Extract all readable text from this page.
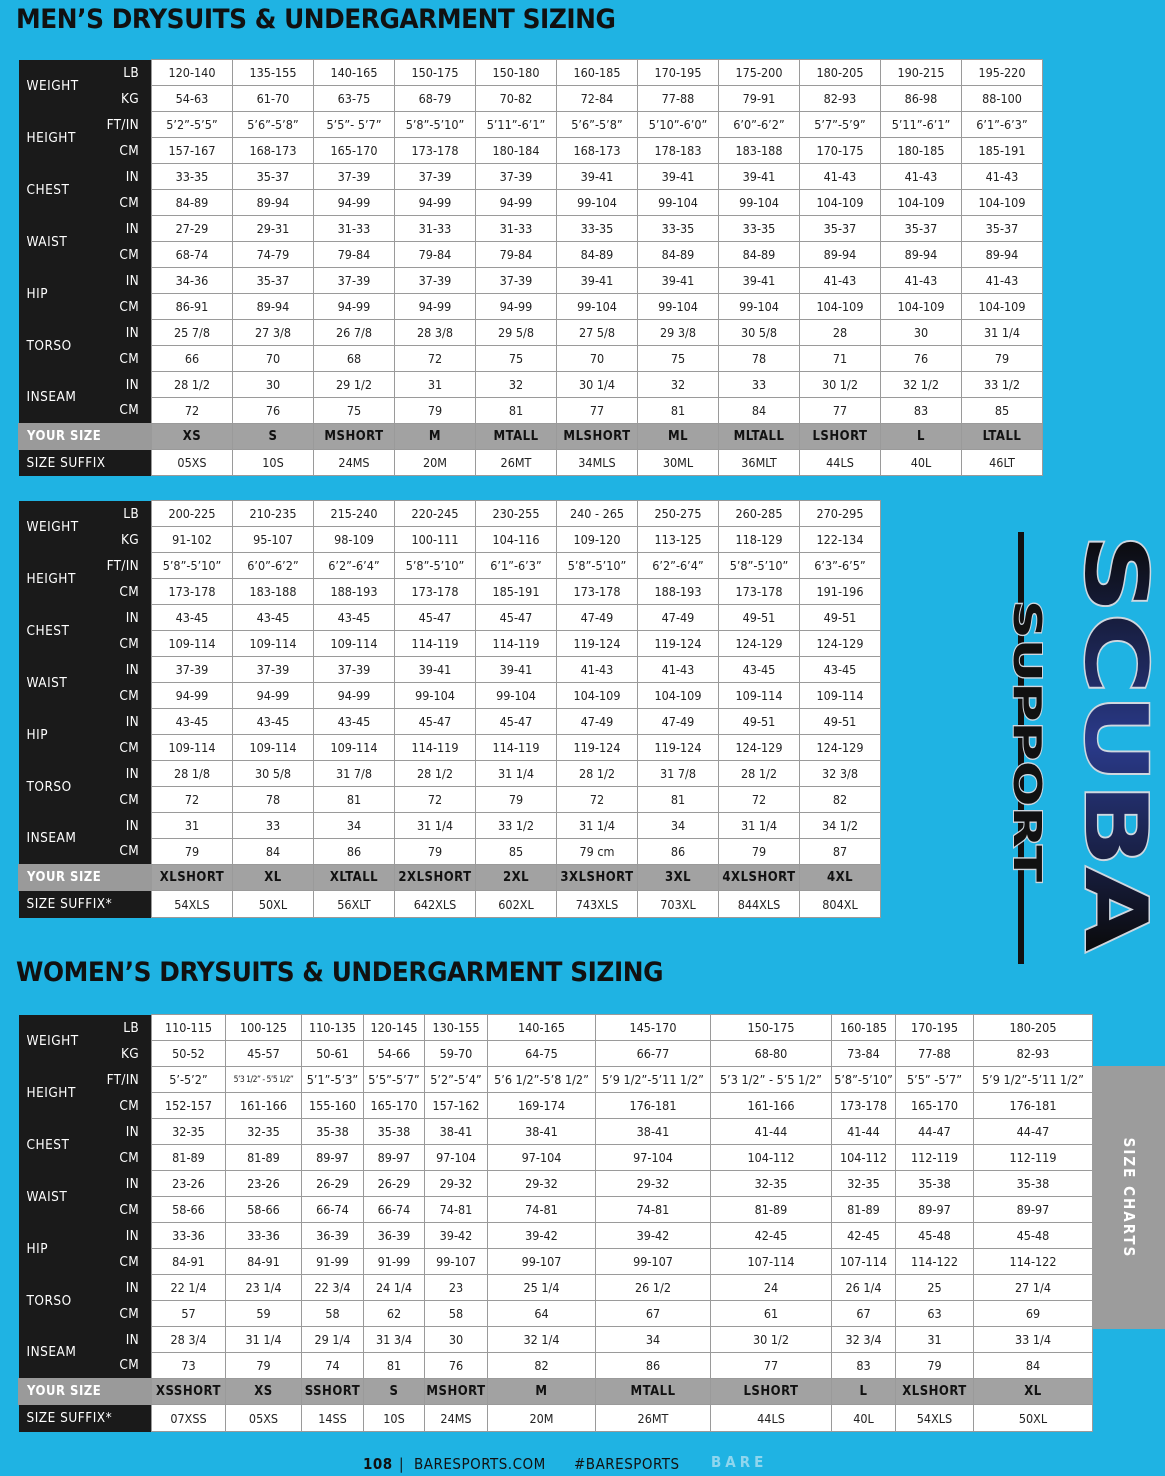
MEN’S DRYSUITS & UNDERGARMENT SIZING
WEIGHT	LB	120-140	135-155	140-165	150-175	150-180	160-185	170-195	175-200	180-205	190-215	195-220
	KG	54-63	61-70	63-75	68-79	70-82	72-84	77-88	79-91	82-93	86-98	88-100
HEIGHT	FT/IN	5’2”-5’5”	5’6”-5’8”	5’5”- 5’7”	5’8”-5’10”	5’11”-6’1”	5’6”-5’8”	5’10”-6’0”	6’0”-6’2”	5’7”-5’9”	5’11”-6’1”	6’1”-6’3”
	CM	157-167	168-173	165-170	173-178	180-184	168-173	178-183	183-188	170-175	180-185	185-191
CHEST	IN	33-35	35-37	37-39	37-39	37-39	39-41	39-41	39-41	41-43	41-43	41-43
	CM	84-89	89-94	94-99	94-99	94-99	99-104	99-104	99-104	104-109	104-109	104-109
WAIST	IN	27-29	29-31	31-33	31-33	31-33	33-35	33-35	33-35	35-37	35-37	35-37
	CM	68-74	74-79	79-84	79-84	79-84	84-89	84-89	84-89	89-94	89-94	89-94
HIP	IN	34-36	35-37	37-39	37-39	37-39	39-41	39-41	39-41	41-43	41-43	41-43
	CM	86-91	89-94	94-99	94-99	94-99	99-104	99-104	99-104	104-109	104-109	104-109
TORSO	IN	25 7/8	27 3/8	26 7/8	28 3/8	29 5/8	27 5/8	29 3/8	30 5/8	28	30	31 1/4
	CM	66	70	68	72	75	70	75	78	71	76	79
INSEAM	IN	28 1/2	30	29 1/2	31	32	30 1/4	32	33	30 1/2	32 1/2	33 1/2
	CM	72	76	75	79	81	77	81	84	77	83	85
YOUR SIZE		XS	S	MSHORT	M	MTALL	MLSHORT	ML	MLTALL	LSHORT	L	LTALL
SIZE SUFFIX		05XS	10S	24MS	20M	26MT	34MLS	30ML	36MLT	44LS	40L	46LT
WEIGHT	LB	200-225	210-235	215-240	220-245	230-255	240 - 265	250-275	260-285	270-295
	KG	91-102	95-107	98-109	100-111	104-116	109-120	113-125	118-129	122-134
HEIGHT	FT/IN	5’8”-5’10”	6’0”-6’2”	6’2”-6’4”	5’8”-5’10”	6’1”-6’3”	5’8”-5’10”	6’2”-6’4”	5’8”-5’10”	6’3”-6’5”
	CM	173-178	183-188	188-193	173-178	185-191	173-178	188-193	173-178	191-196
CHEST	IN	43-45	43-45	43-45	45-47	45-47	47-49	47-49	49-51	49-51
	CM	109-114	109-114	109-114	114-119	114-119	119-124	119-124	124-129	124-129
WAIST	IN	37-39	37-39	37-39	39-41	39-41	41-43	41-43	43-45	43-45
	CM	94-99	94-99	94-99	99-104	99-104	104-109	104-109	109-114	109-114
HIP	IN	43-45	43-45	43-45	45-47	45-47	47-49	47-49	49-51	49-51
	CM	109-114	109-114	109-114	114-119	114-119	119-124	119-124	124-129	124-129
TORSO	IN	28 1/8	30 5/8	31 7/8	28 1/2	31 1/4	28 1/2	31 7/8	28 1/2	32 3/8
	CM	72	78	81	72	79	72	81	72	82
INSEAM	IN	31	33	34	31 1/4	33 1/2	31 1/4	34	31 1/4	34 1/2
	CM	79	84	86	79	85	79 cm	86	79	87
YOUR SIZE		XLSHORT	XL	XLTALL	2XLSHORT	2XL	3XLSHORT	3XL	4XLSHORT	4XL
SIZE SUFFIX*		54XLS	50XL	56XLT	642XLS	602XL	743XLS	703XL	844XLS	804XL
WOMEN’S DRYSUITS & UNDERGARMENT SIZING
WEIGHT	LB	110-115	100-125	110-135	120-145	130-155	140-165	145-170	150-175	160-185	170-195	180-205
	KG	50-52	45-57	50-61	54-66	59-70	64-75	66-77	68-80	73-84	77-88	82-93
HEIGHT	FT/IN	5’-5’2”	5’3 1/2” - 5’5 1/2”	5’1”-5’3”	5’5”-5’7”	5’2”-5’4”	5’6 1/2”-5’8 1/2”	5’9 1/2”-5’11 1/2”	5’3 1/2” - 5’5 1/2”	5’8”-5’10”	5’5” -5’7”	5’9 1/2”-5’11 1/2”
	CM	152-157	161-166	155-160	165-170	157-162	169-174	176-181	161-166	173-178	165-170	176-181
CHEST	IN	32-35	32-35	35-38	35-38	38-41	38-41	38-41	41-44	41-44	44-47	44-47
	CM	81-89	81-89	89-97	89-97	97-104	97-104	97-104	104-112	104-112	112-119	112-119
WAIST	IN	23-26	23-26	26-29	26-29	29-32	29-32	29-32	32-35	32-35	35-38	35-38
	CM	58-66	58-66	66-74	66-74	74-81	74-81	74-81	81-89	81-89	89-97	89-97
HIP	IN	33-36	33-36	36-39	36-39	39-42	39-42	39-42	42-45	42-45	45-48	45-48
	CM	84-91	84-91	91-99	91-99	99-107	99-107	99-107	107-114	107-114	114-122	114-122
TORSO	IN	22 1/4	23 1/4	22 3/4	24 1/4	23	25 1/4	26 1/2	24	26 1/4	25	27 1/4
	CM	57	59	58	62	58	64	67	61	67	63	69
INSEAM	IN	28 3/4	31 1/4	29 1/4	31 3/4	30	32 1/4	34	30 1/2	32 3/4	31	33 1/4
	CM	73	79	74	81	76	82	86	77	83	79	84
YOUR SIZE		XSSHORT	XS	SSHORT	S	MSHORT	M	MTALL	LSHORT	L	XLSHORT	XL
SIZE SUFFIX*		07XSS	05XS	14SS	10S	24MS	20M	26MT	44LS	40L	54XLS	50XL
SCUBA
SUPPORT
SIZE CHARTS
108 | BARESPORTS.COM #BARESPORTS BARE
